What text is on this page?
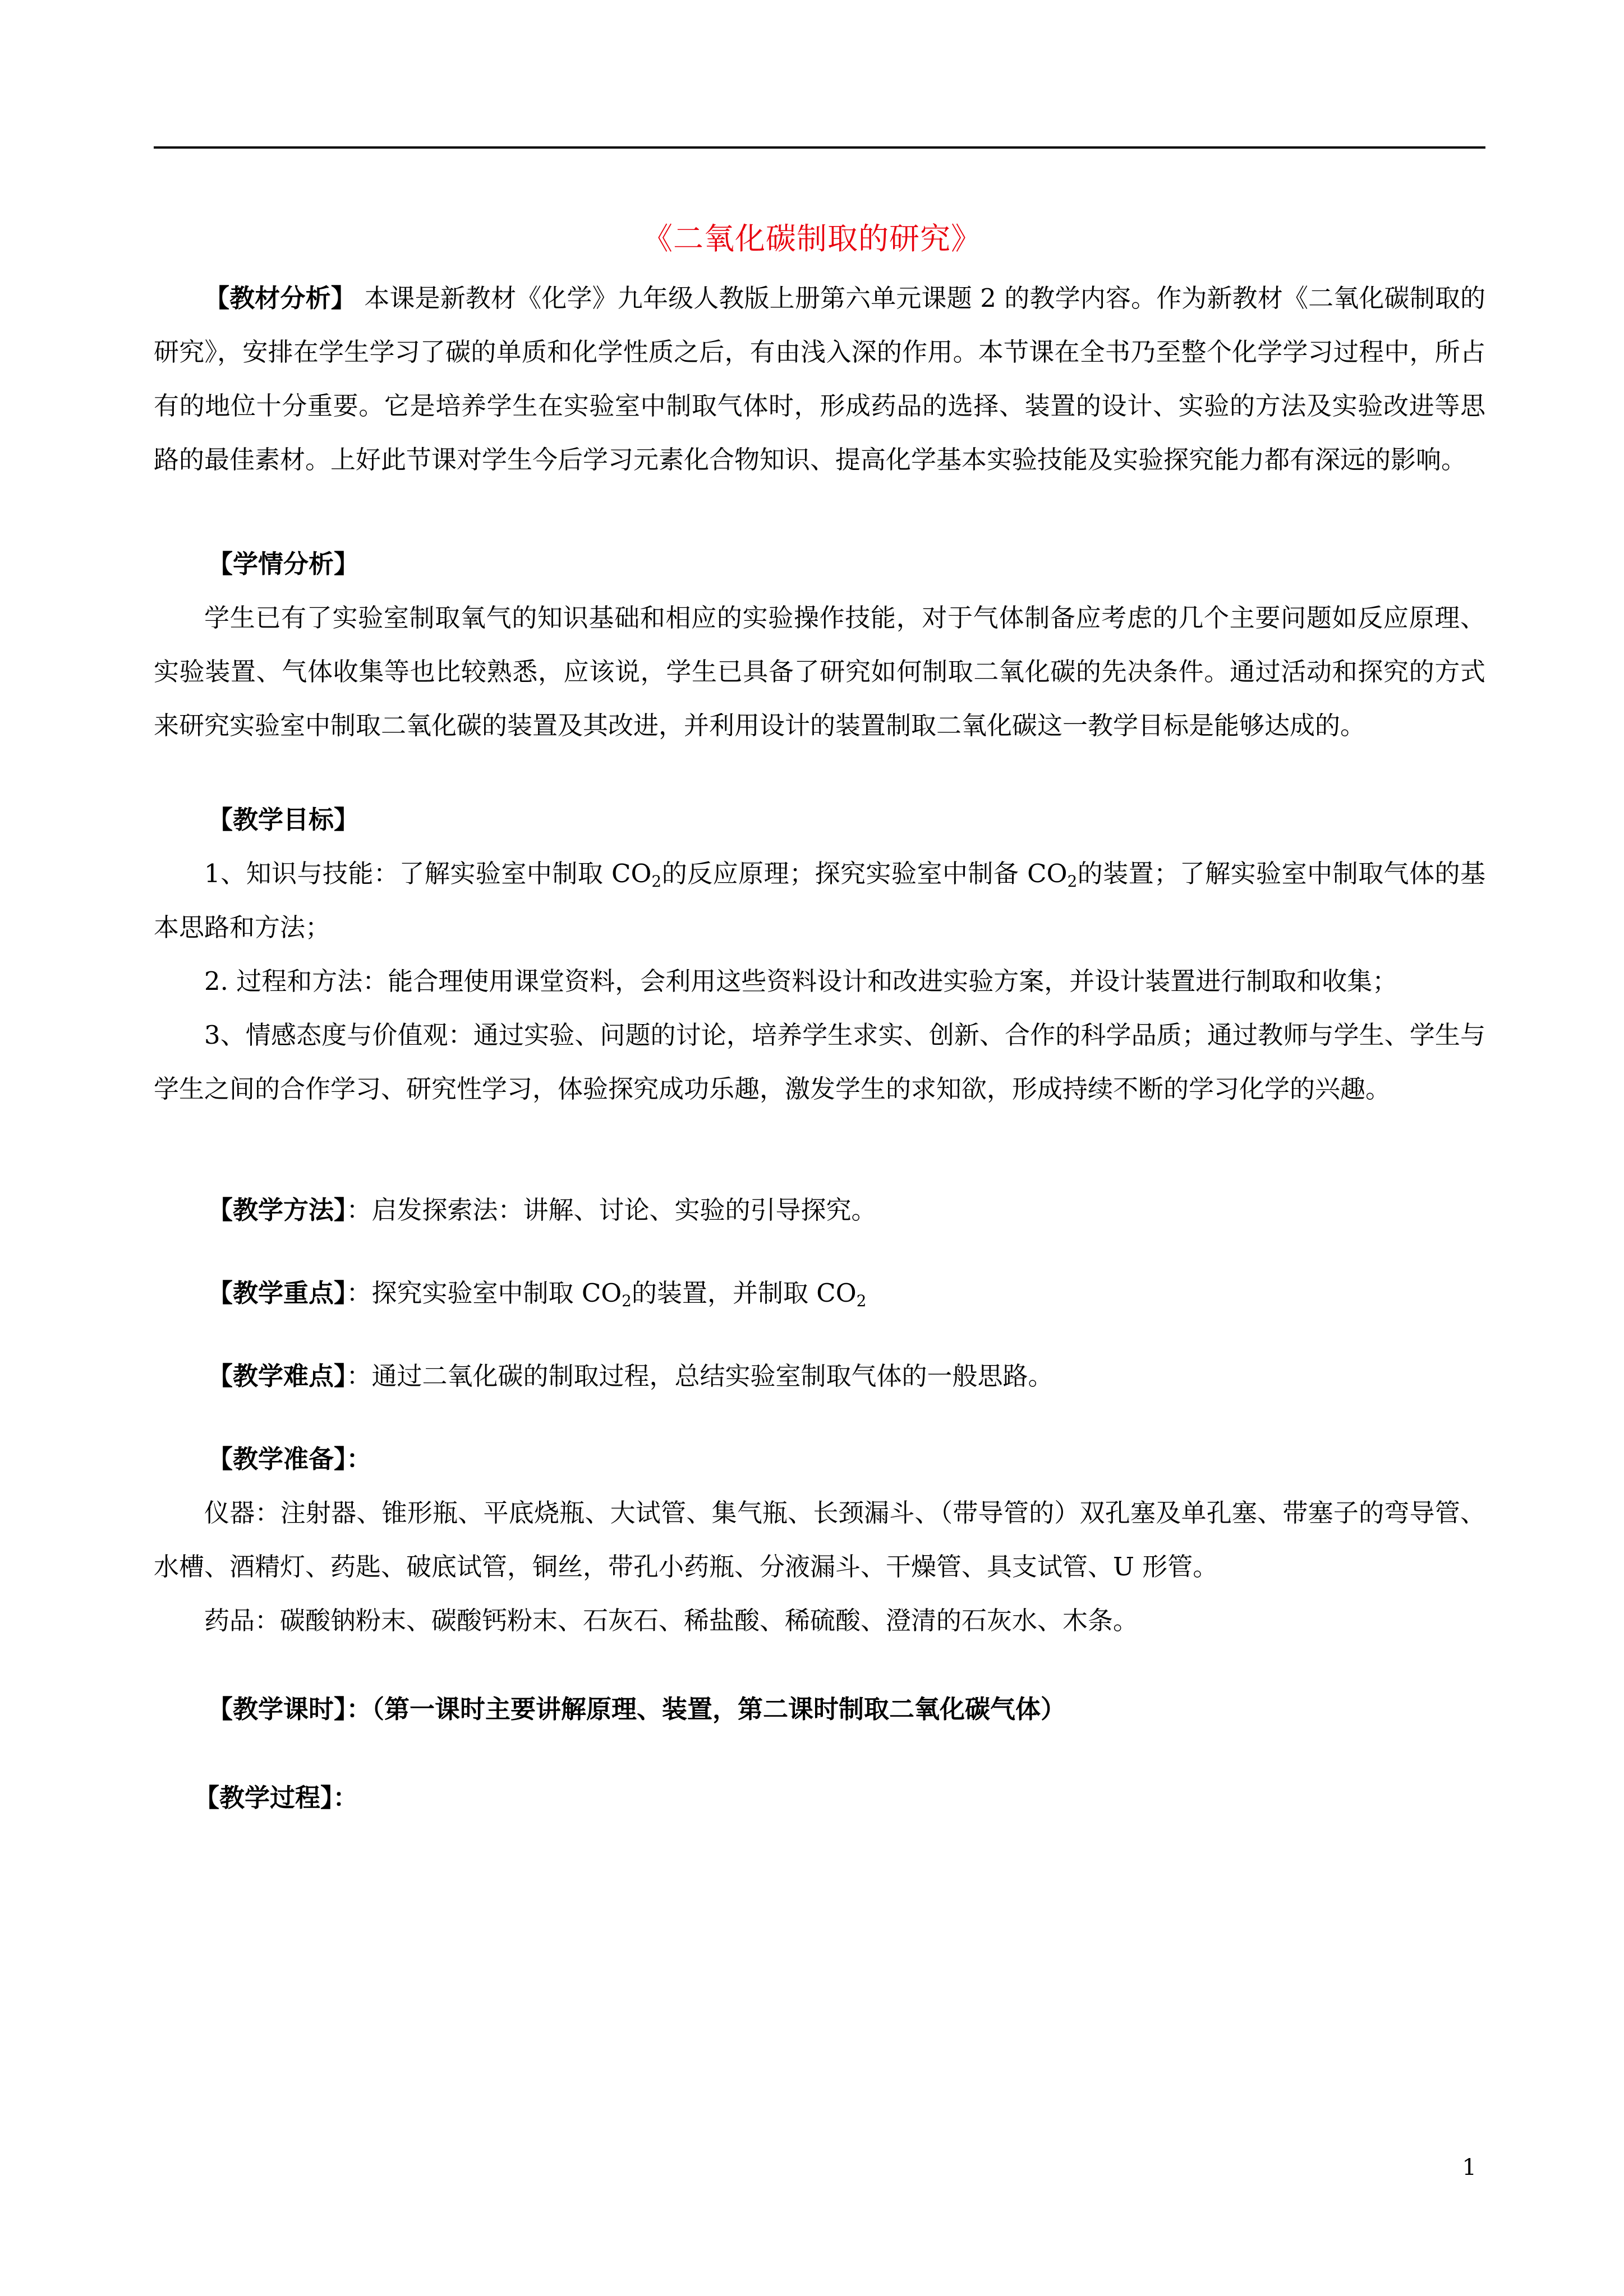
《二氧化碳制取的研究》

【教材分析】 本课是新教材《化学》九年级人教版上册第六单元课题 2 的教学内容。作为新教材《二氧化碳制取的研究》，安排在学生学习了碳的单质和化学性质之后，有由浅入深的作用。本节课在全书乃至整个化学学习过程中，所占有的地位十分重要。它是培养学生在实验室中制取气体时，形成药品的选择、装置的设计、实验的方法及实验改进等思路的最佳素材。上好此节课对学生今后学习元素化合物知识、提高化学基本实验技能及实验探究能力都有深远的影响。

【学情分析】

学生已有了实验室制取氧气的知识基础和相应的实验操作技能，对于气体制备应考虑的几个主要问题如反应原理、实验装置、气体收集等也比较熟悉，应该说，学生已具备了研究如何制取二氧化碳的先决条件。通过活动和探究的方式来研究实验室中制取二氧化碳的装置及其改进，并利用设计的装置制取二氧化碳这一教学目标是能够达成的。

【教学目标】

1、知识与技能：了解实验室中制取 $CO_2$的反应原理；探究实验室中制备 $CO_2$的装置；了解实验室中制取气体的基本思路和方法；

2. 过程和方法：能合理使用课堂资料，会利用这些资料设计和改进实验方案，并设计装置进行制取和收集；

3、情感态度与价值观：通过实验、问题的讨论，培养学生求实、创新、合作的科学品质；通过教师与学生、学生与学生之间的合作学习、研究性学习，体验探究成功乐趣，激发学生的求知欲，形成持续不断的学习化学的兴趣。

【教学方法】：启发探索法：讲解、讨论、实验的引导探究。

【教学重点】：探究实验室中制取 $CO_2$的装置，并制取 $CO_2$

【教学难点】：通过二氧化碳的制取过程，总结实验室制取气体的一般思路。

【教学准备】：

仪器：注射器、锥形瓶、平底烧瓶、大试管、集气瓶、长颈漏斗、（带导管的）双孔塞及单孔塞、带塞子的弯导管、水槽、酒精灯、药匙、破底试管，铜丝，带孔小药瓶、分液漏斗、干燥管、具支试管、U 形管。

药品：碳酸钠粉末、碳酸钙粉末、石灰石、稀盐酸、稀硫酸、澄清的石灰水、木条。

【教学课时】：（第一课时主要讲解原理、装置，第二课时制取二氧化碳气体）

【教学过程】：

1
